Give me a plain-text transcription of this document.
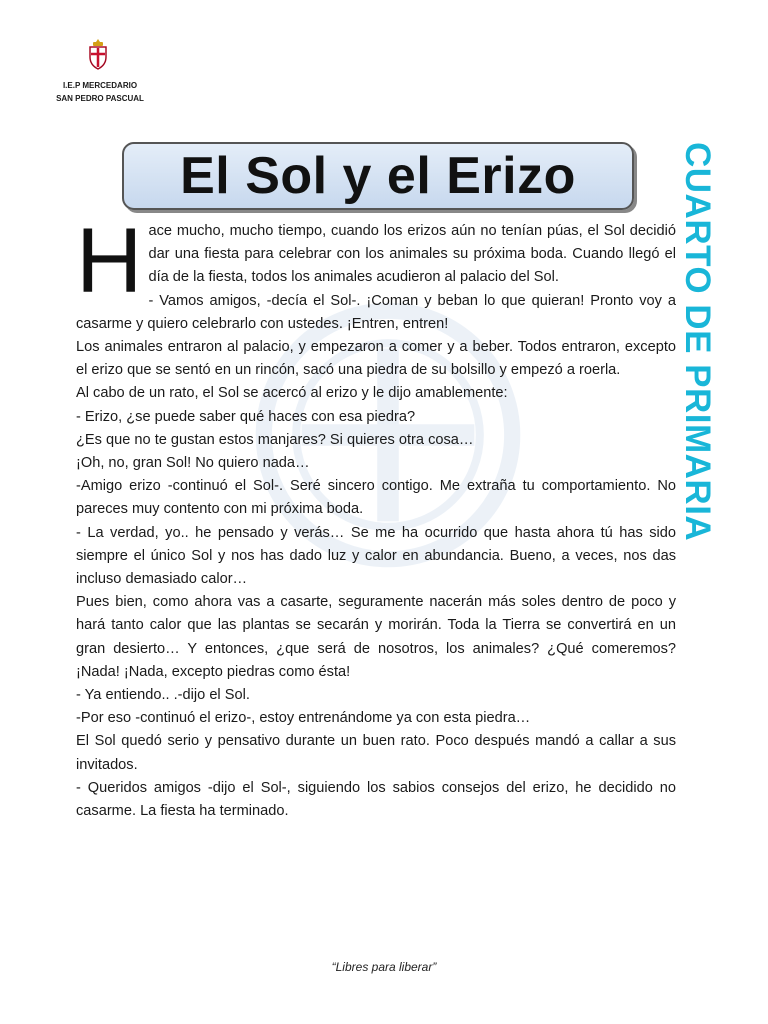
I.E.P MERCEDARIO
SAN PEDRO PASCUAL
El Sol y el Erizo	CUARTO DE PRIMARIA

Hace mucho, mucho tiempo, cuando los erizos aún no tenían púas, el Sol decidió dar una fiesta para celebrar con los animales su próxima boda. Cuando llegó el día de la fiesta, todos los animales acudieron al palacio del Sol.

- Vamos amigos, -decía el Sol-. ¡Coman y beban lo que quieran! Pronto voy a casarme y quiero celebrarlo con ustedes. ¡Entren, entren!

Los animales entraron al palacio, y empezaron a comer y a beber. Todos entraron, excepto el erizo que se sentó en un rincón, sacó una piedra de su bolsillo y empezó a roerla.

Al cabo de un rato, el Sol se acercó al erizo y le dijo amablemente:

- Erizo, ¿se puede saber qué haces con esa piedra?

¿Es que no te gustan estos manjares? Si quieres otra cosa…

¡Oh, no, gran Sol! No quiero nada…

-Amigo erizo -continuó el Sol-. Seré sincero contigo. Me extraña tu comportamiento. No pareces muy contento con mi próxima boda.

- La verdad, yo.. he pensado y verás… Se me ha ocurrido que hasta ahora tú has sido siempre el único Sol y nos has dado luz y calor en abundancia. Bueno, a veces, nos das incluso demasiado calor…

Pues bien, como ahora vas a casarte, seguramente nacerán más soles dentro de poco y hará tanto calor que las plantas se secarán y morirán. Toda la Tierra se convertirá en un gran desierto… Y entonces, ¿que será de nosotros, los animales? ¿Qué comeremos? ¡Nada! ¡Nada, excepto piedras como ésta!

- Ya entiendo.. .-dijo el Sol.

-Por eso -continuó el erizo-, estoy entrenándome ya con esta piedra…

El Sol quedó serio y pensativo durante un buen rato. Poco después mandó a callar a sus invitados.

- Queridos amigos -dijo el Sol-, siguiendo los sabios consejos del erizo, he decidido no casarme. La fiesta ha terminado.

“Libres para liberar”
